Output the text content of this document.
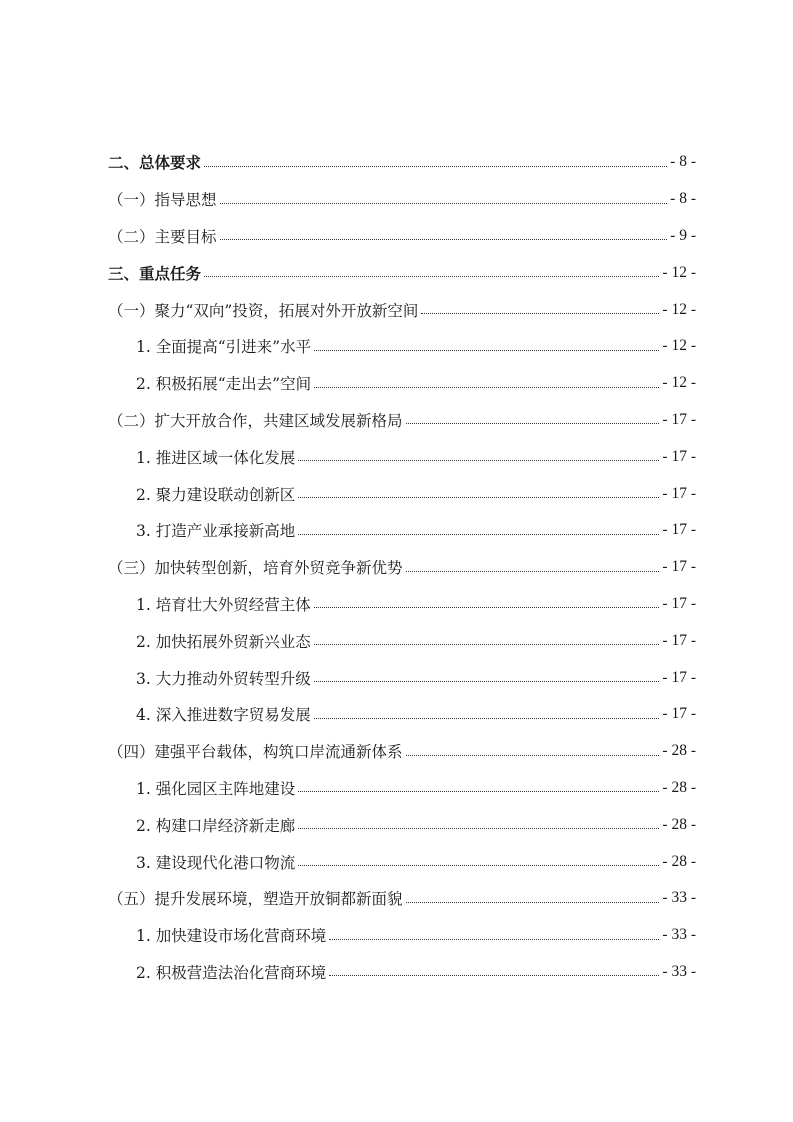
二、总体要求	- 8 -
（一）指导思想	- 8 -
（二）主要目标	- 9 -
三、重点任务	- 12 -
（一）聚力“双向”投资，拓展对外开放新空间	- 12 -
1. 全面提高“引进来”水平	- 12 -
2. 积极拓展“走出去”空间	- 12 -
（二）扩大开放合作，共建区域发展新格局	- 17 -
1. 推进区域一体化发展	- 17 -
2. 聚力建设联动创新区	- 17 -
3. 打造产业承接新高地	- 17 -
（三）加快转型创新，培育外贸竞争新优势	- 17 -
1. 培育壮大外贸经营主体	- 17 -
2. 加快拓展外贸新兴业态	- 17 -
3. 大力推动外贸转型升级	- 17 -
4. 深入推进数字贸易发展	- 17 -
（四）建强平台载体，构筑口岸流通新体系	- 28 -
1. 强化园区主阵地建设	- 28 -
2. 构建口岸经济新走廊	- 28 -
3. 建设现代化港口物流	- 28 -
（五）提升发展环境，塑造开放铜都新面貌	- 33 -
1. 加快建设市场化营商环境	- 33 -
2. 积极营造法治化营商环境	- 33 -
